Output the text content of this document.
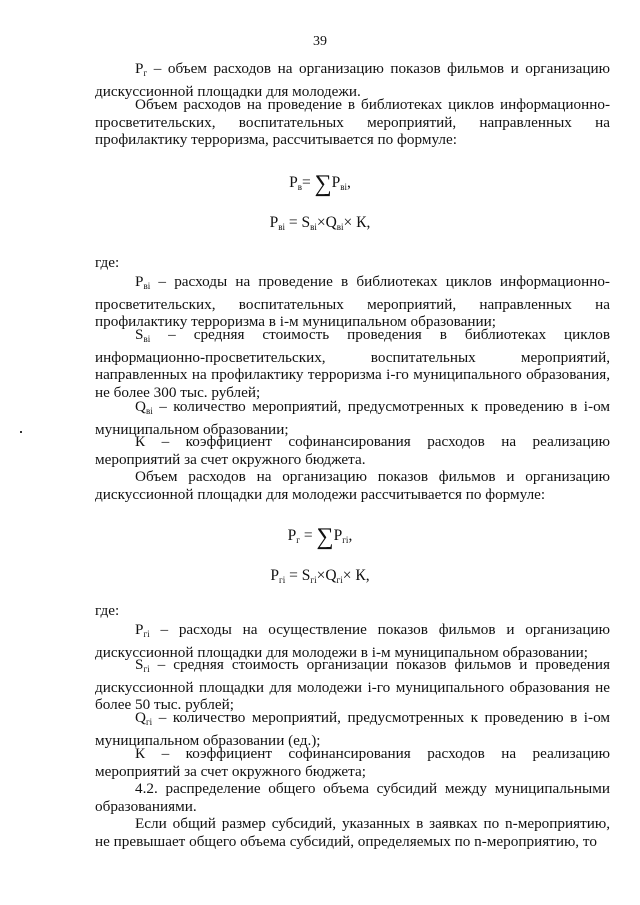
39
$Р_г$ – объем расходов на организацию показов фильмов и организацию дискуссионной площадки для молодежи.
Объем расходов на проведение в библиотеках циклов информационно-просветительских, воспитательных мероприятий, направленных на профилактику терроризма, рассчитывается по формуле:
$Р_в= \sum Р_{вi}$,
$Р_{вi} = S_{вi}\times Q_{вi}\times К$,
где:
$Р_{вi}$ – расходы на проведение в библиотеках циклов информационно-просветительских, воспитательных мероприятий, направленных на профилактику терроризма в i-м муниципальном образовании;
$S_{вi}$ – средняя стоимость проведения в библиотеках циклов информационно-просветительских, воспитательных мероприятий, направленных на профилактику терроризма i-го муниципального образования, не более 300 тыс. рублей;
$Q_{вi}$ – количество мероприятий, предусмотренных к проведению в i-ом муниципальном образовании;
К – коэффициент софинансирования расходов на реализацию мероприятий за счет окружного бюджета.
Объем расходов на организацию показов фильмов и организацию дискуссионной площадки для молодежи рассчитывается по формуле:
$Р_г = \sum Р_{гi}$,
$Р_{гi} = S_{гi}\times Q_{гi}\times К$,
где:
$Р_{гi}$ – расходы на осуществление показов фильмов и организацию дискуссионной площадки для молодежи в i-м муниципальном образовании;
$S_{гi}$ – средняя стоимость организации показов фильмов и проведения дискуссионной площадки для молодежи i-го муниципального образования не более 50 тыс. рублей;
$Q_{гi}$ – количество мероприятий, предусмотренных к проведению в i-ом муниципальном образовании (ед.);
К – коэффициент софинансирования расходов на реализацию мероприятий за счет окружного бюджета;
4.2. распределение общего объема субсидий между муниципальными образованиями.
Если общий размер субсидий, указанных в заявках по n-мероприятию, не превышает общего объема субсидий, определяемых по n-мероприятию, то
